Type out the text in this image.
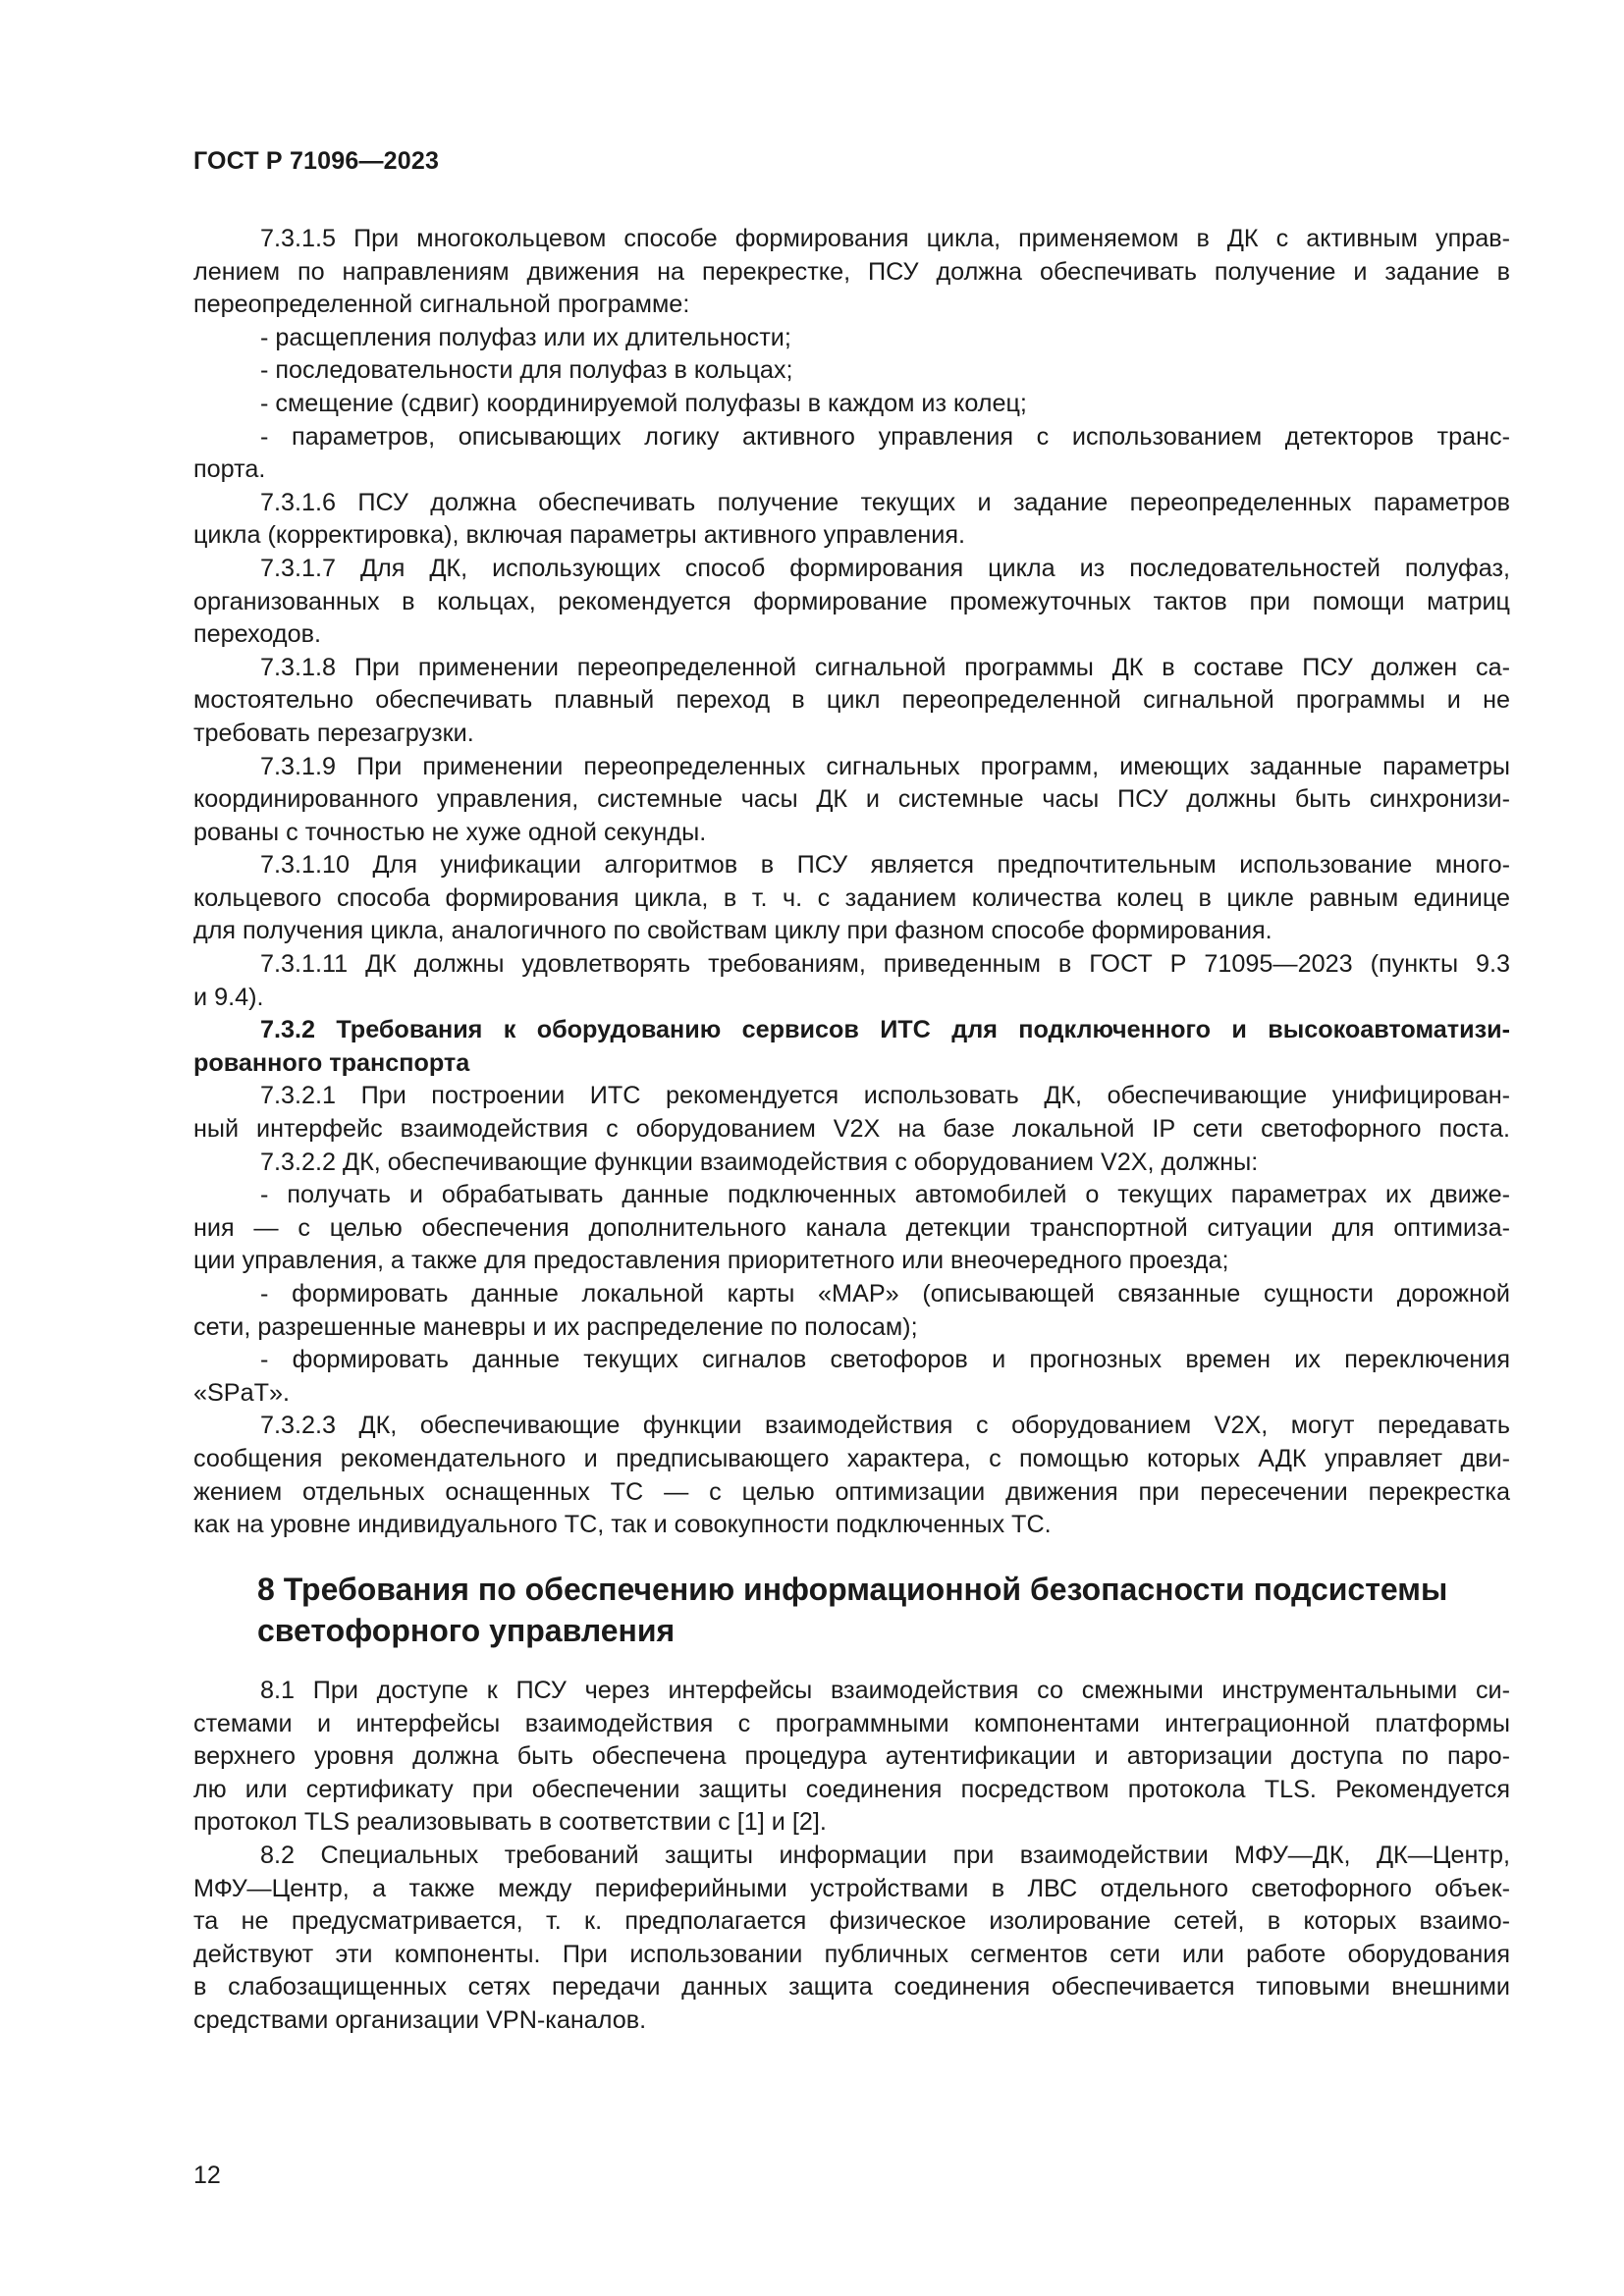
ГОСТ Р 71096—2023
7.3.1.5 При многокольцевом способе формирования цикла, применяемом в ДК с активным управ-
лением по направлениям движения на перекрестке, ПСУ должна обеспечивать получение и задание в
переопределенной сигнальной программе:
- расщепления полуфаз или их длительности;
- последовательности для полуфаз в кольцах;
- смещение (сдвиг) координируемой полуфазы в каждом из колец;
- параметров, описывающих логику активного управления с использованием детекторов транс-
порта.
7.3.1.6 ПСУ должна обеспечивать получение текущих и задание переопределенных параметров
цикла (корректировка), включая параметры активного управления.
7.3.1.7 Для ДК, использующих способ формирования цикла из последовательностей полуфаз,
организованных в кольцах, рекомендуется формирование промежуточных тактов при помощи матриц
переходов.
7.3.1.8 При применении переопределенной сигнальной программы ДК в составе ПСУ должен са-
мостоятельно обеспечивать плавный переход в цикл переопределенной сигнальной программы и не
требовать перезагрузки.
7.3.1.9 При применении переопределенных сигнальных программ, имеющих заданные параметры
координированного управления, системные часы ДК и системные часы ПСУ должны быть синхронизи-
рованы с точностью не хуже одной секунды.
7.3.1.10 Для унификации алгоритмов в ПСУ является предпочтительным использование много-
кольцевого способа формирования цикла, в т. ч. с заданием количества колец в цикле равным единице
для получения цикла, аналогичного по свойствам циклу при фазном способе формирования.
7.3.1.11 ДК должны удовлетворять требованиям, приведенным в ГОСТ Р 71095—2023 (пункты 9.3
и 9.4).
7.3.2 Требования к оборудованию сервисов ИТС для подключенного и высокоавтоматизи-
рованного транспорта
7.3.2.1 При построении ИТС рекомендуется использовать ДК, обеспечивающие унифицирован-
ный интерфейс взаимодействия с оборудованием V2X на базе локальной IP сети светофорного поста.
7.3.2.2 ДК, обеспечивающие функции взаимодействия с оборудованием V2X, должны:
- получать и обрабатывать данные подключенных автомобилей о текущих параметрах их движе-
ния — с целью обеспечения дополнительного канала детекции транспортной ситуации для оптимиза-
ции управления, а также для предоставления приоритетного или внеочередного проезда;
- формировать данные локальной карты «MAP» (описывающей связанные сущности дорожной
сети, разрешенные маневры и их распределение по полосам);
- формировать данные текущих сигналов светофоров и прогнозных времен их переключения
«SPaT».
7.3.2.3 ДК, обеспечивающие функции взаимодействия с оборудованием V2X, могут передавать
сообщения рекомендательного и предписывающего характера, с помощью которых АДК управляет дви-
жением отдельных оснащенных ТС — с целью оптимизации движения при пересечении перекрестка
как на уровне индивидуального ТС, так и совокупности подключенных ТС.
8 Требования по обеспечению информационной безопасности подсистемы
светофорного управления
8.1 При доступе к ПСУ через интерфейсы взаимодействия со смежными инструментальными си-
стемами и интерфейсы взаимодействия с программными компонентами интеграционной платформы
верхнего уровня должна быть обеспечена процедура аутентификации и авторизации доступа по паро-
лю или сертификату при обеспечении защиты соединения посредством протокола TLS. Рекомендуется
протокол TLS реализовывать в соответствии с [1] и [2].
8.2 Специальных требований защиты информации при взаимодействии МФУ—ДК, ДК—Центр,
МФУ—Центр, а также между периферийными устройствами в ЛВС отдельного светофорного объек-
та не предусматривается, т. к. предполагается физическое изолирование сетей, в которых взаимо-
действуют эти компоненты. При использовании публичных сегментов сети или работе оборудования
в слабозащищенных сетях передачи данных защита соединения обеспечивается типовыми внешними
средствами организации VPN-каналов.
12
